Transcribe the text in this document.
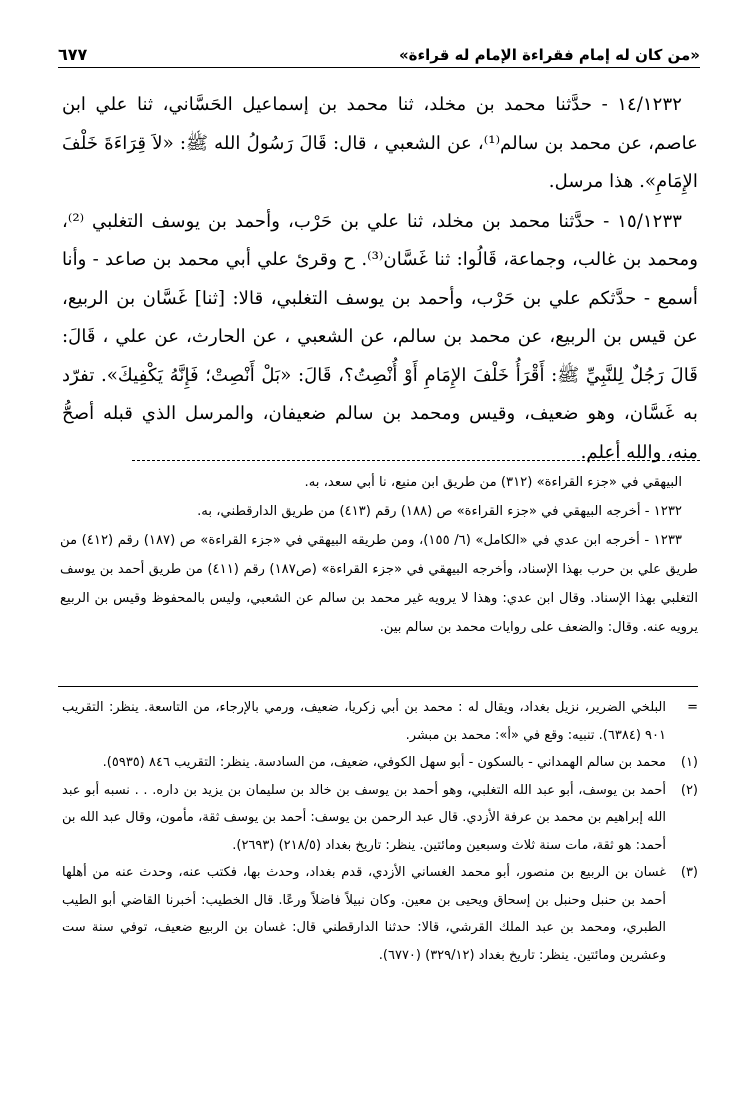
«من كان له إمام فقراءة الإمام له قراءة»
٦٧٧

١٤/١٢٣٢ - حدَّثنا محمد بن مخلد، ثنا محمد بن إسماعيل الحَسَّاني، ثنا علي ابن عاصم، عن محمد بن سالم⁽¹⁾، عن الشعبي ، قال: قَالَ رَسُولُ الله ﷺ: «لاَ قِرَاءَةَ خَلْفَ الإِمَامِ». هذا مرسل.

١٥/١٢٣٣ - حدَّثنا محمد بن مخلد، ثنا علي بن حَرْب، وأحمد بن يوسف التغلبي ⁽²⁾، ومحمد بن غالب، وجماعة، قَالُوا: ثنا غَسَّان⁽³⁾. ح وقرئ علي أبي محمد بن صاعد - وأنا أسمع - حدَّثكم علي بن حَرْب، وأحمد بن يوسف التغلبي، قالا: [ثنا] غَسَّان بن الربيع، عن قيس بن الربيع، عن محمد بن سالم، عن الشعبي ، عن الحارث، عن علي ، قَالَ: قَالَ رَجُلٌ لِلنَّبِيِّ ﷺ: أَقْرَأُ خَلْفَ الإِمَامِ أَوْ أُنْصِتُ؟، قَالَ: «بَلْ أَنْصِتْ؛ فَإِنَّهُ يَكْفِيكَ». تفرّد به غَسَّان، وهو ضعيف، وقيس ومحمد بن سالم ضعيفان، والمرسل الذي قبله أصحُّ منه، والله أعلم.

البيهقي في «جزء القراءة» (٣١٢) من طريق ابن منيع، نا أبي سعد، به.

١٢٣٢ - أخرجه البيهقي في «جزء القراءة» ص (١٨٨) رقم (٤١٣) من طريق الدارقطني، به.

١٢٣٣ - أخرجه ابن عدي في «الكامل» (٦/ ١٥٥)، ومن طريقه البيهقي في «جزء القراءة» ص (١٨٧) رقم (٤١٢) من طريق علي بن حرب بهذا الإسناد، وأخرجه البيهقي في «جزء القراءة» (ص١٨٧) رقم (٤١١) من طريق أحمد بن يوسف التغلبي بهذا الإسناد. وقال ابن عدي: وهذا لا يرويه غير محمد بن سالم عن الشعبي، وليس بالمحفوظ وقيس بن الربيع يرويه عنه. وقال: والضعف على روايات محمد بن سالم بين.

=
البلخي الضرير، نزيل بغداد، ويقال له : محمد بن أبي زكريا، ضعيف، ورمي بالإرجاء، من التاسعة. ينظر: التقريب ٩٠١ (٦٣٨٤). تنبيه: وقع في «أ»: محمد بن مبشر.
(١)
محمد بن سالم الهمداني - بالسكون - أبو سهل الكوفي، ضعيف، من السادسة. ينظر: التقريب ٨٤٦ (٥٩٣٥).
(٢)
أحمد بن يوسف، أبو عبد الله التغلبي، وهو أحمد بن يوسف بن خالد بن سليمان بن يزيد بن داره. . . نسبه أبو عبد الله إبراهيم بن محمد بن عرفة الأزدي. قال عبد الرحمن بن يوسف: أحمد بن يوسف ثقة، مأمون، وقال عبد الله بن أحمد: هو ثقة، مات سنة ثلاث وسبعين ومائتين. ينظر: تاريخ بغداد (٢١٨/٥) (٢٦٩٣).
(٣)
غسان بن الربيع بن منصور، أبو محمد الغساني الأزدي، قدم بغداد، وحدث بها، فكتب عنه، وحدث عنه من أهلها أحمد بن حنبل وحنبل بن إسحاق ويحيى بن معين. وكان نبيلاً فاضلاً ورعًا. قال الخطيب: أخبرنا القاضي أبو الطيب الطبري، ومحمد بن عبد الملك القرشي، قالا: حدثنا الدارقطني قال: غسان بن الربيع ضعيف، توفي سنة ست وعشرين ومائتين. ينظر: تاريخ بغداد (٣٢٩/١٢) (٦٧٧٠).
